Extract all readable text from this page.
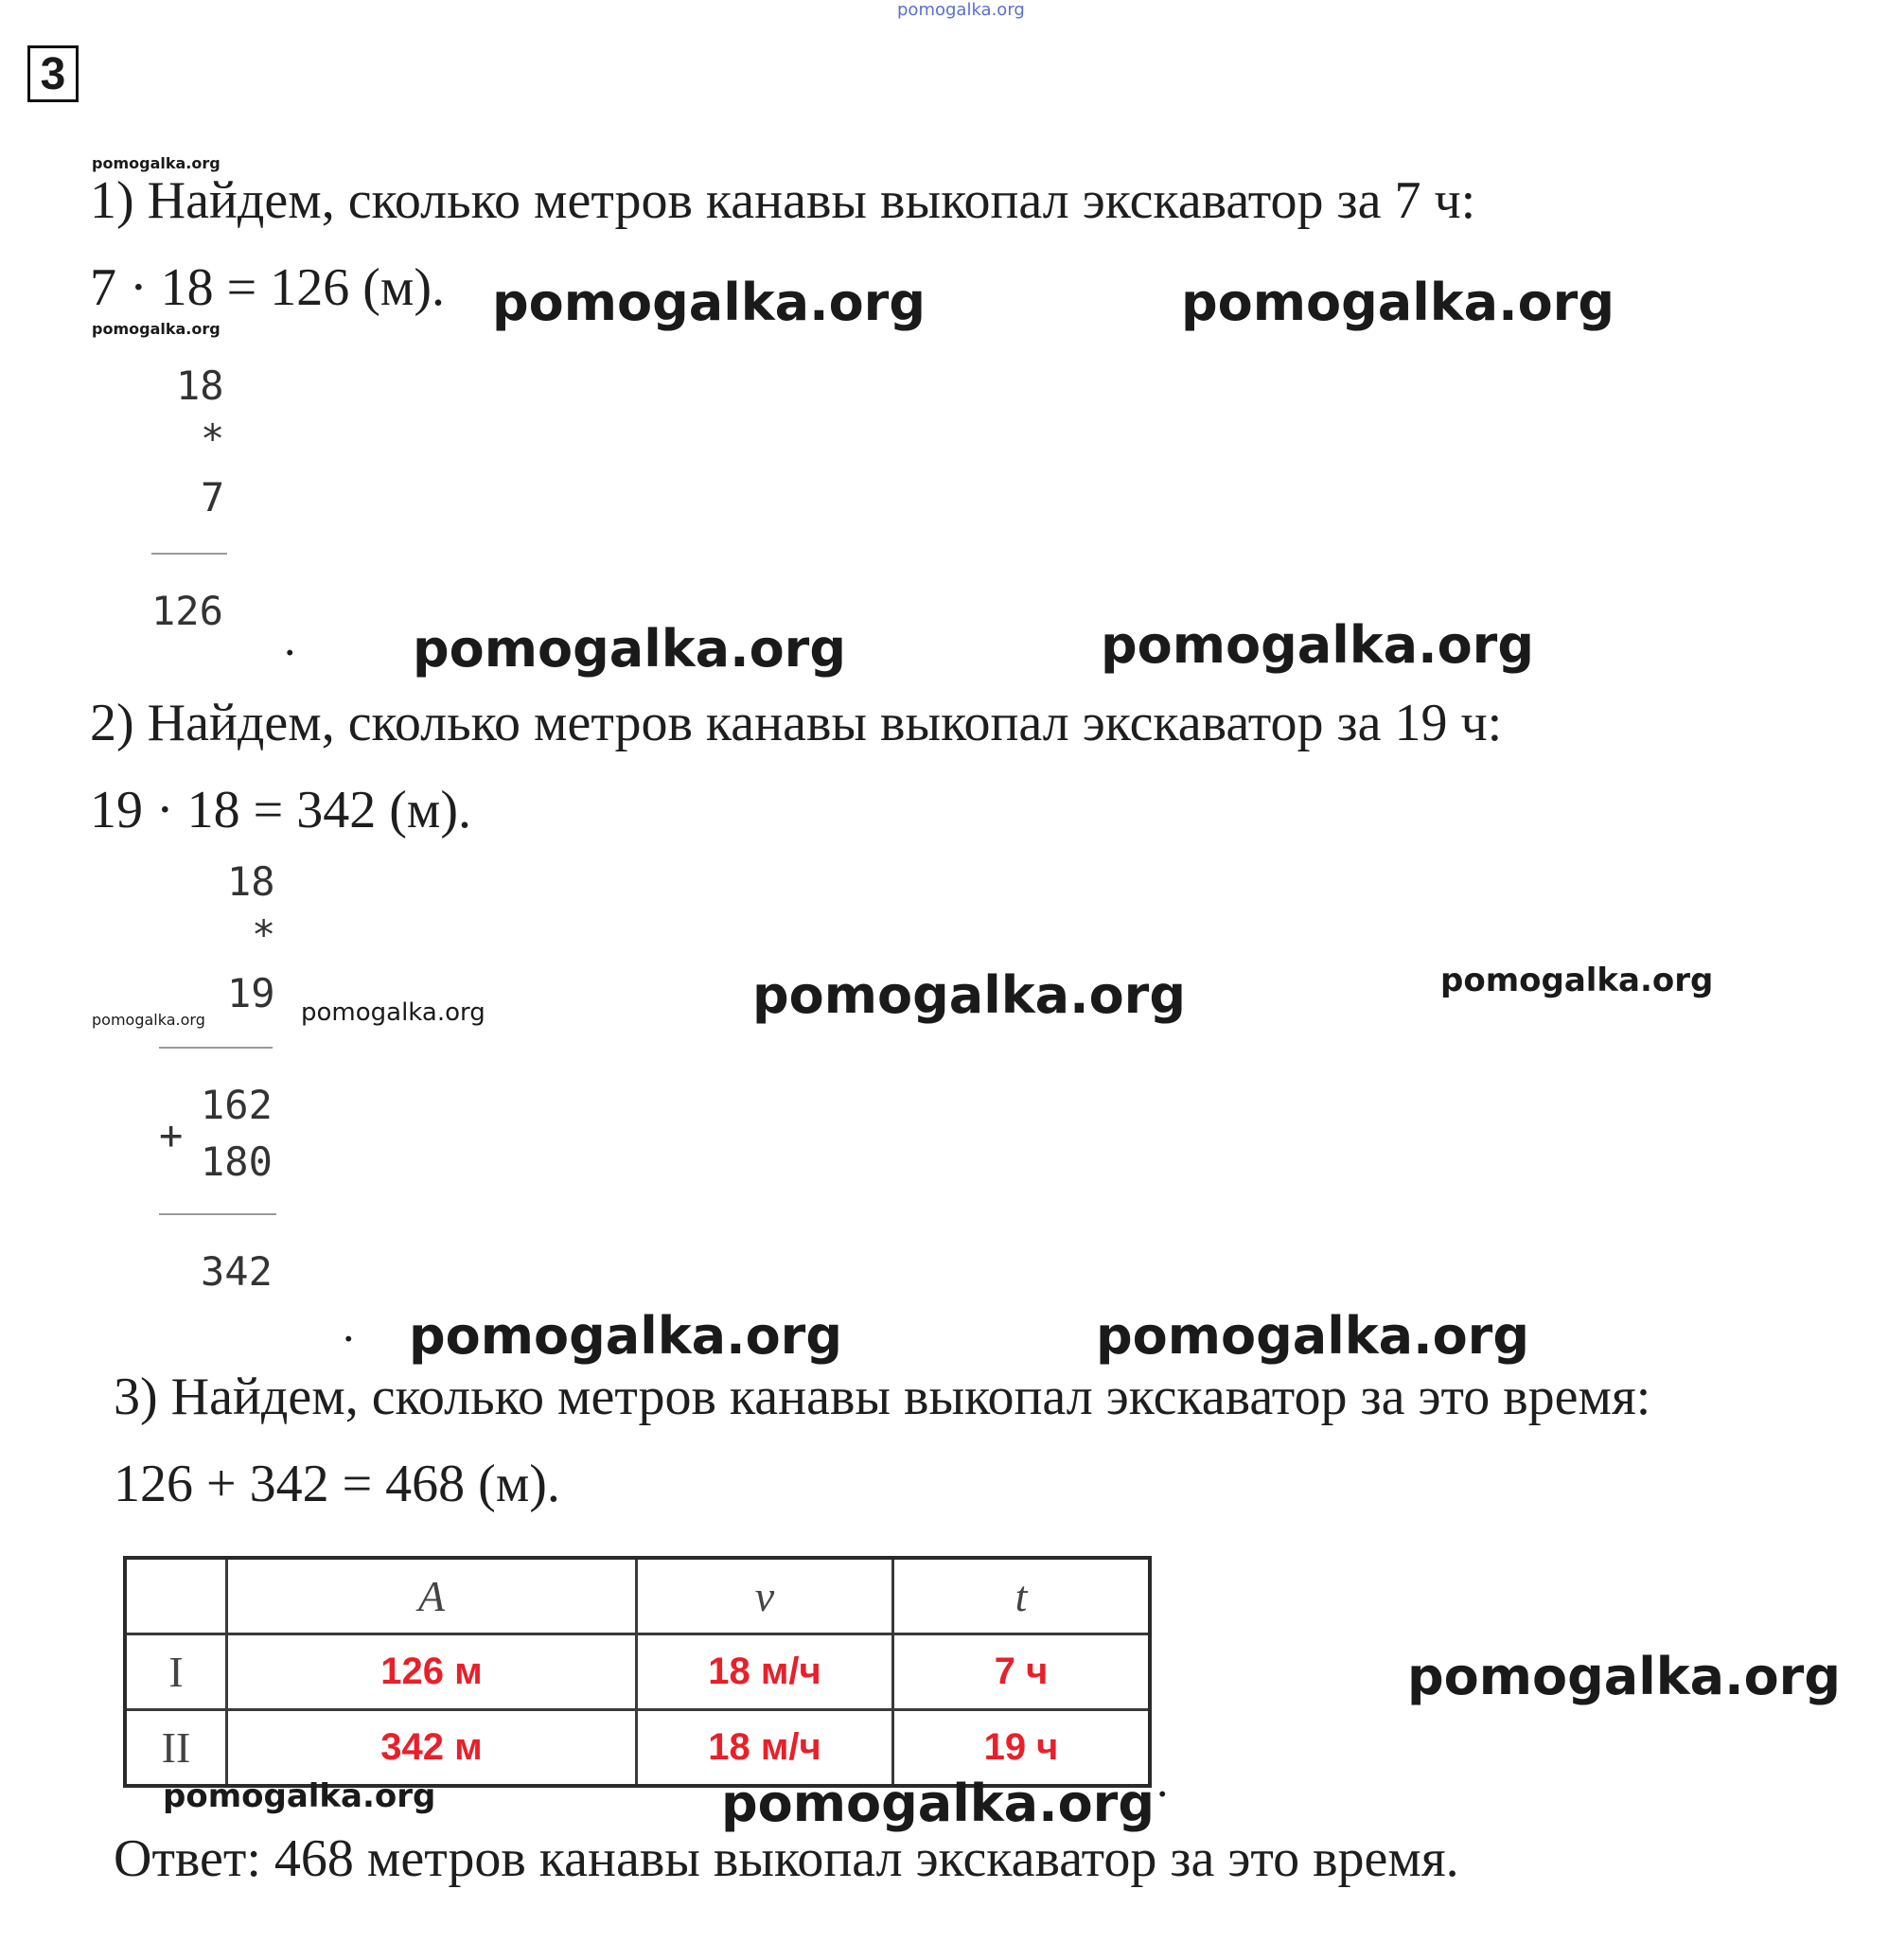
pomogalka.org
3
pomogalka.org
1) Найдем, сколько метров канавы выкопал экскаватор за 7 ч:
7 · 18 = 126 (м). pomogalka.org	pomogalka.org
pomogalka.org
18
*
7
126
. pomogalka.org	pomogalka.org
2) Найдем, сколько метров канавы выкопал экскаватор за 19 ч:
19 · 18 = 342 (м).
18
*
19
pomogalka.org	pomogalka.org	pomogalka.org	pomogalka.org
162
+
180
342
. pomogalka.org	pomogalka.org
3) Найдем, сколько метров канавы выкопал экскаватор за это время:
126 + 342 = 468 (м).
	A	v	t
I	126 м	18 м/ч	7 ч
II	342 м	18 м/ч	19 ч
pomogalka.org
.
pomogalka.org	pomogalka.org
Ответ: 468 метров канавы выкопал экскаватор за это время.
